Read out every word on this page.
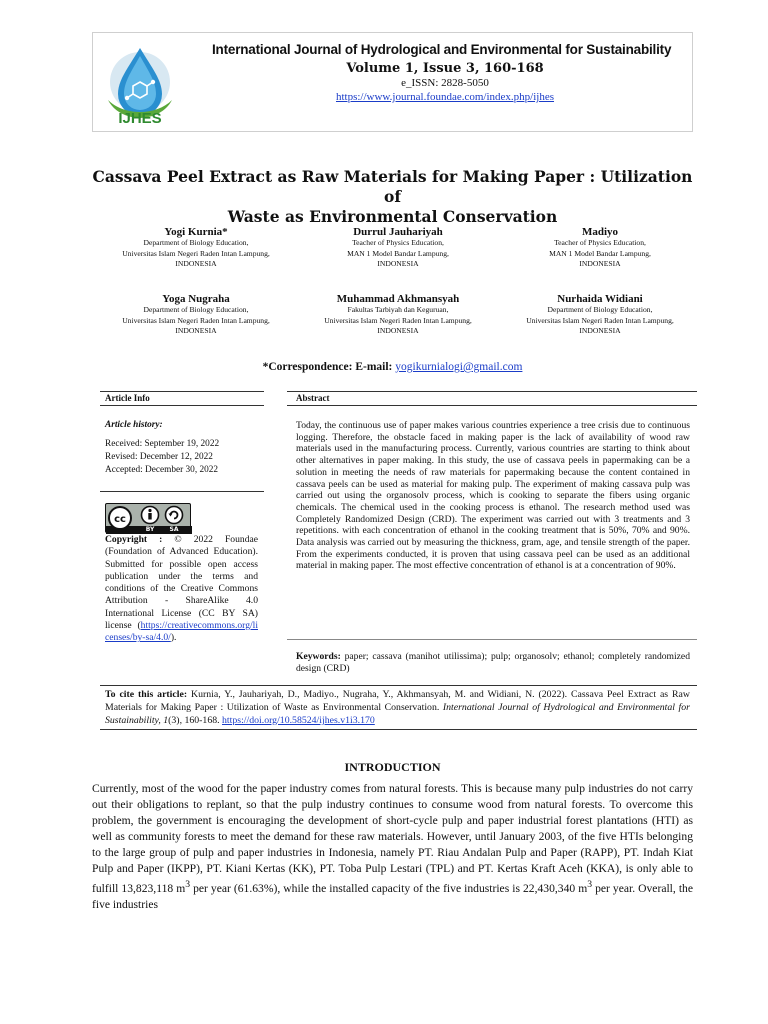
IJHES
International Journal of Hydrological and Environmental for Sustainability
Volume 1, Issue 3, 160-168
e_ISSN: 2828-5050
https://www.journal.foundae.com/index.php/ijhes
Cassava Peel Extract as Raw Materials for Making Paper : Utilization of
Waste as Environmental Conservation
Yogi Kurnia*
Department of Biology Education,
Universitas Islam Negeri Raden Intan Lampung,
INDONESIA
Durrul Jauhariyah
Teacher of Physics Education,
MAN 1 Model Bandar Lampung,
INDONESIA
Madiyo
Teacher of Physics Education,
MAN 1 Model Bandar Lampung,
INDONESIA
Yoga Nugraha
Department of Biology Education,
Universitas Islam Negeri Raden Intan Lampung,
INDONESIA
Muhammad Akhmansyah
Fakultas Tarbiyah dan Keguruan,
Universitas Islam Negeri Raden Intan Lampung,
INDONESIA
Nurhaida Widiani
Department of Biology Education,
Universitas Islam Negeri Raden Intan Lampung,
INDONESIA
*Correspondence: E-mail: yogikurnialogi@gmail.com
Article Info	Abstract
Article history:
Received: September 19, 2022
Revised: December 12, 2022
Accepted: December 30, 2022
cc
BY	SA
Copyright : © 2022 Foundae (Foundation of Advanced Education). Submitted for possible open access publication under the terms and conditions of the Creative Commons Attribution - ShareAlike 4.0 International License (CC BY SA) license (https://creativecommons.org/licenses/by-sa/4.0/).
Today, the continuous use of paper makes various countries experience a tree crisis due to continuous logging. Therefore, the obstacle faced in making paper is the lack of availability of wood raw materials used in the manufacturing process. Currently, various countries are starting to think about other alternatives in paper making. In this study, the use of cassava peels in papermaking can be a solution in meeting the needs of raw materials for papermaking because the content contained in cassava peels can be used as material for making pulp. The experiment of making cassava pulp was carried out using the organosolv process, which is cooking to separate the fibers using organic chemicals. The chemical used in the cooking process is ethanol. The research method used was Completely Randomized Design (CRD). The experiment was carried out with 3 treatments and 3 repetitions. with each concentration of ethanol in the cooking treatment that is 50%, 70% and 90%. Data analysis was carried out by measuring the thickness, gram, age, and tensile strength of the paper. From the experiments conducted, it is proven that using cassava peel can be used as an additional material in making paper. The most effective concentration of ethanol is at a concentration of 90%.
Keywords: paper; cassava (manihot utilissima); pulp; organosolv; ethanol; completely randomized design (CRD)
To cite this article: Kurnia, Y., Jauhariyah, D., Madiyo., Nugraha, Y., Akhmansyah, M. and Widiani, N. (2022). Cassava Peel Extract as Raw Materials for Making Paper : Utilization of Waste as Environmental Conservation. International Journal of Hydrological and Environmental for Sustainability, 1(3), 160-168. https://doi.org/10.58524/ijhes.v1i3.170
INTRODUCTION
Currently, most of the wood for the paper industry comes from natural forests. This is because many pulp industries do not carry out their obligations to replant, so that the pulp industry continues to consume wood from natural forests. To overcome this problem, the government is encouraging the development of short-cycle pulp and paper industrial forest plantations (HTI) as well as community forests to meet the demand for these raw materials. However, until January 2003, of the five HTIs belonging to the large group of pulp and paper industries in Indonesia, namely PT. Riau Andalan Pulp and Paper (RAPP), PT. Indah Kiat Pulp and Paper (IKPP), PT. Kiani Kertas (KK), PT. Toba Pulp Lestari (TPL) and PT. Kertas Kraft Aceh (KKA), is only able to fulfill 13,823,118 $m^3$ per year (61.63%), while the installed capacity of the five industries is 22,430,340 $m^3$ per year. Overall, the five industries
